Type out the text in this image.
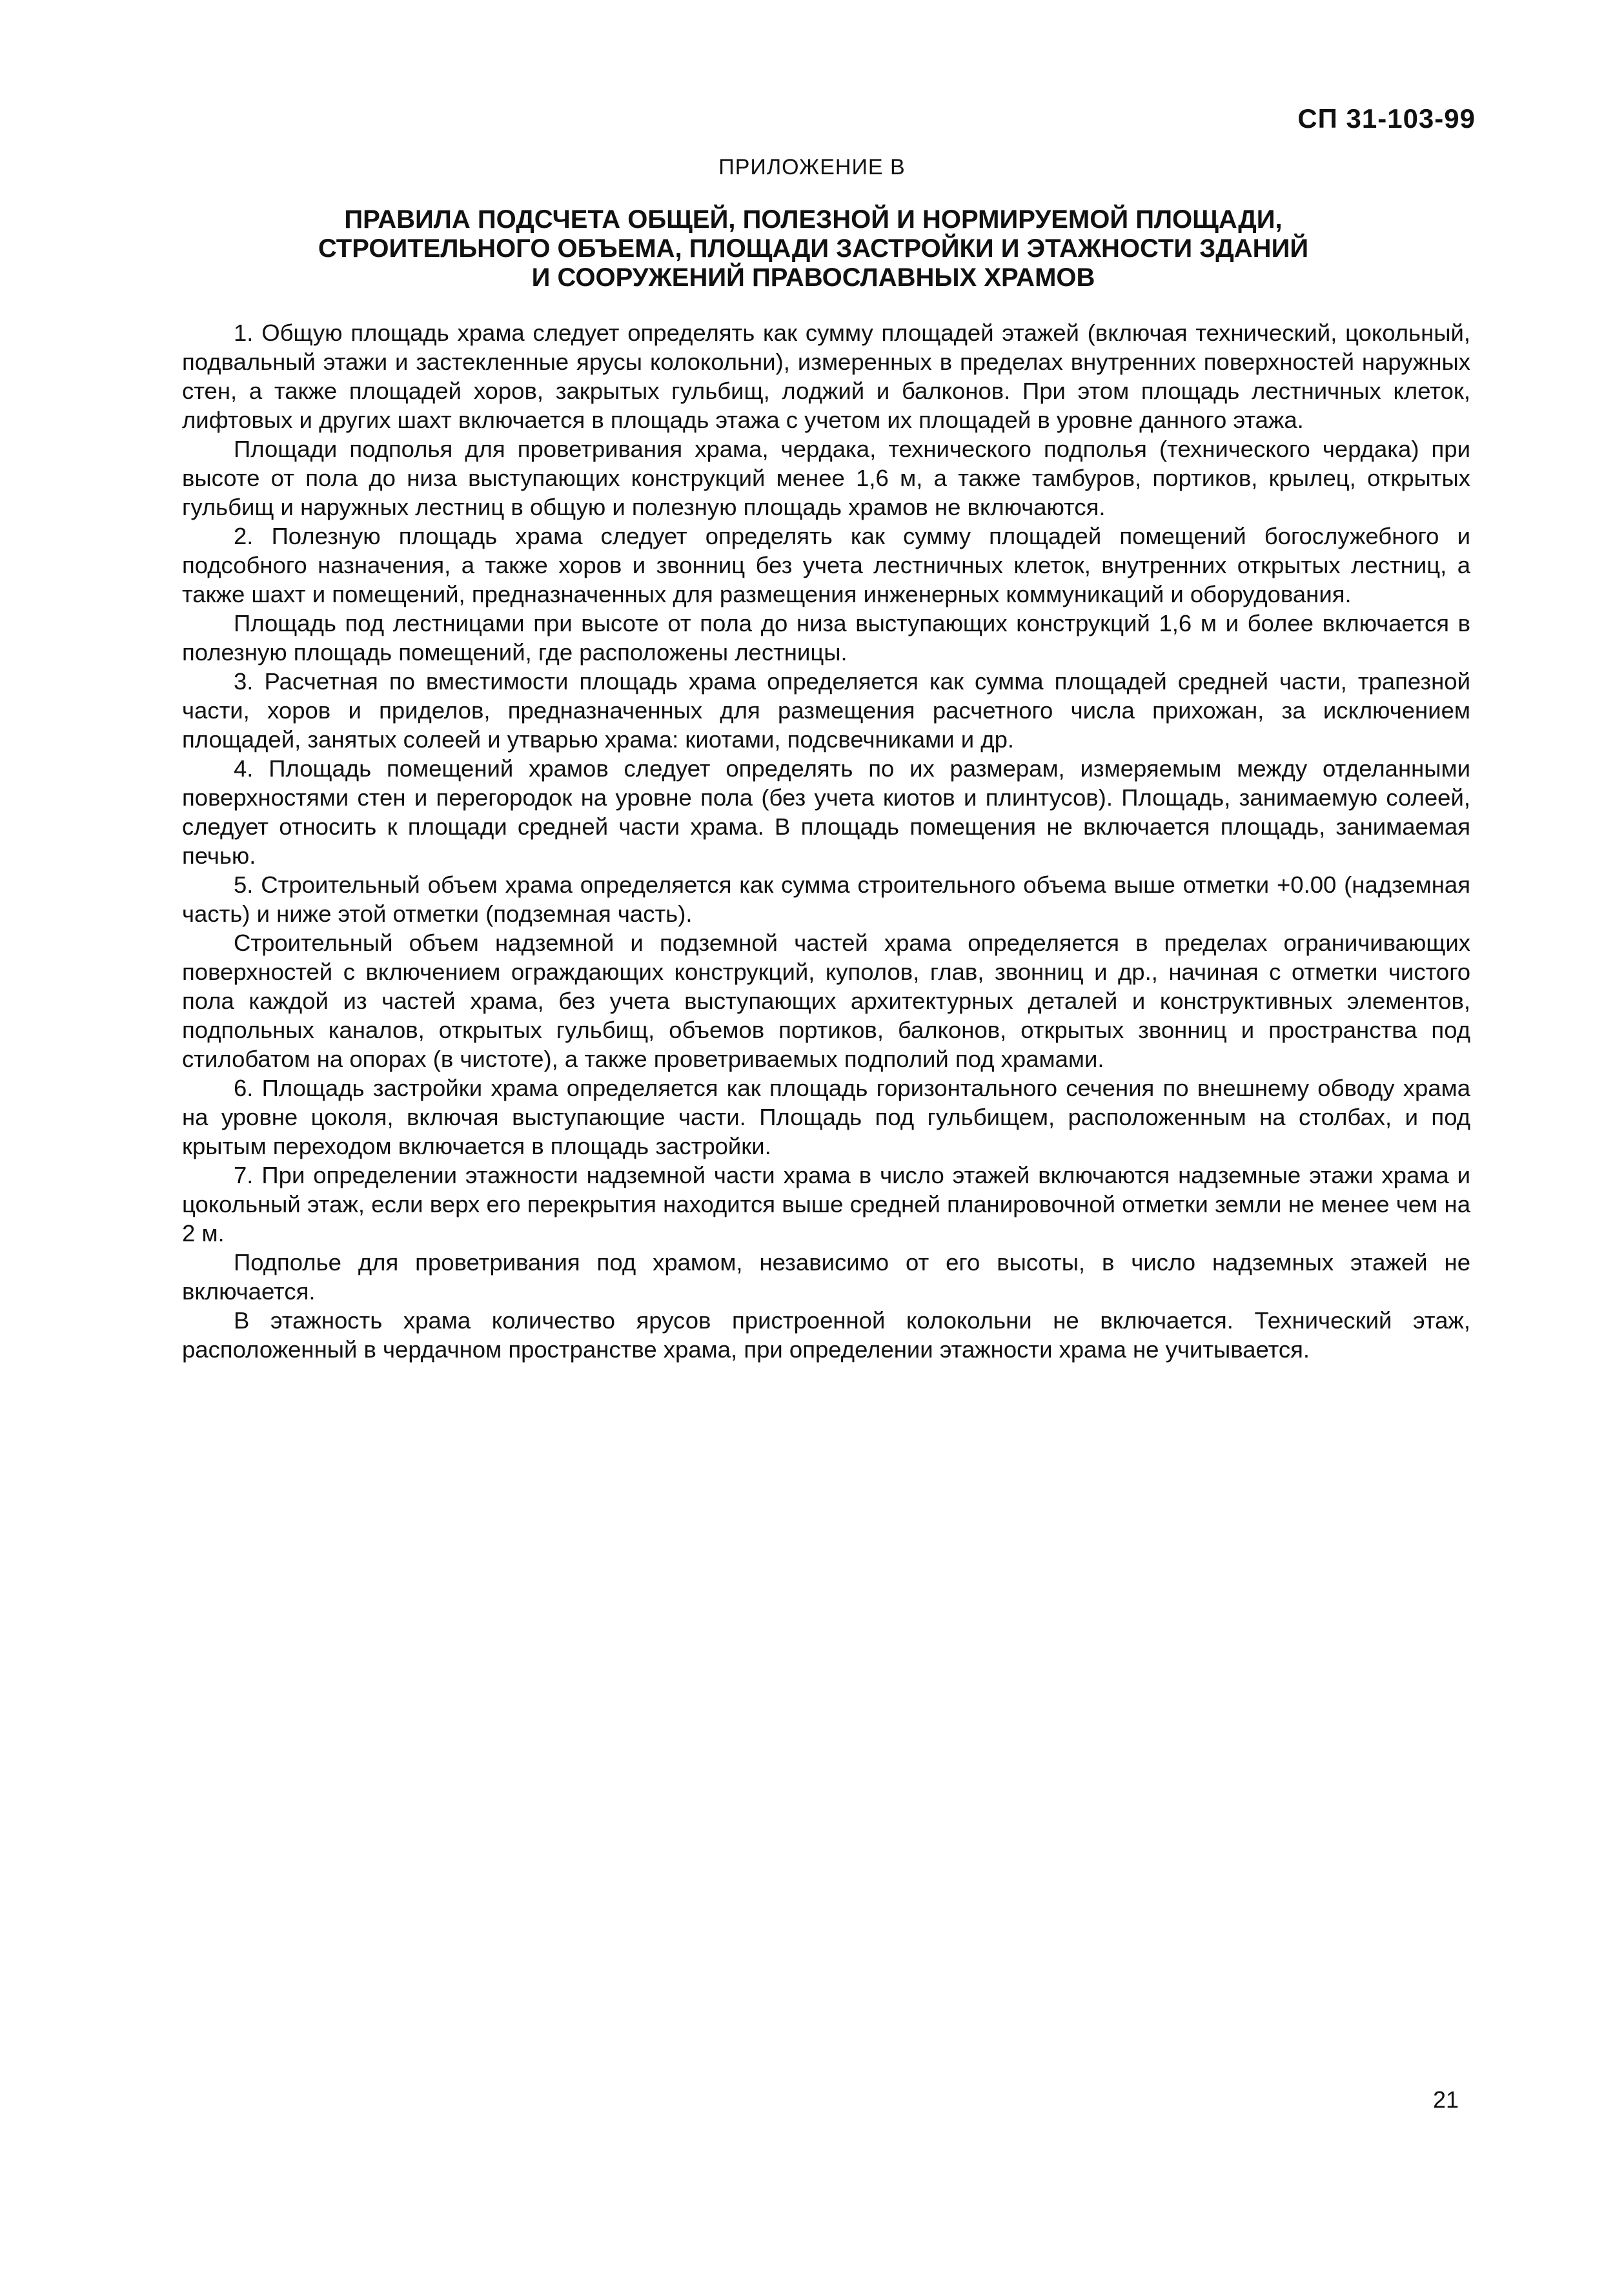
СП 31-103-99
ПРИЛОЖЕНИЕ В
ПРАВИЛА ПОДСЧЕТА ОБЩЕЙ, ПОЛЕЗНОЙ И НОРМИРУЕМОЙ ПЛОЩАДИ,
СТРОИТЕЛЬНОГО ОБЪЕМА, ПЛОЩАДИ ЗАСТРОЙКИ И ЭТАЖНОСТИ ЗДАНИЙ
И СООРУЖЕНИЙ ПРАВОСЛАВНЫХ ХРАМОВ

1. Общую площадь храма следует определять как сумму площадей этажей (включая технический, цокольный, подвальный этажи и застекленные ярусы колокольни), измеренных в пределах внутренних поверхностей наружных стен, а также площадей хоров, закрытых гульбищ, лоджий и балконов. При этом площадь лестничных клеток, лифтовых и других шахт включается в площадь этажа с учетом их площадей в уровне данного этажа.

Площади подполья для проветривания храма, чердака, технического подполья (технического чердака) при высоте от пола до низа выступающих конструкций менее 1,6 м, а также тамбуров, портиков, крылец, открытых гульбищ и наружных лестниц в общую и полезную площадь храмов не включаются.

2. Полезную площадь храма следует определять как сумму площадей помещений богослужебного и подсобного назначения, а также хоров и звонниц без учета лестничных клеток, внутренних открытых лестниц, а также шахт и помещений, предназначенных для размещения инженерных коммуникаций и оборудования.

Площадь под лестницами при высоте от пола до низа выступающих конструкций 1,6 м и более включается в полезную площадь помещений, где расположены лестницы.

3. Расчетная по вместимости площадь храма определяется как сумма площадей средней части, трапезной части, хоров и приделов, предназначенных для размещения расчетного числа прихожан, за исключением площадей, занятых солеей и утварью храма: киотами, подсвечниками и др.

4. Площадь помещений храмов следует определять по их размерам, измеряемым между отделанными поверхностями стен и перегородок на уровне пола (без учета киотов и плинтусов). Площадь, занимаемую солеей, следует относить к площади средней части храма. В площадь помещения не включается площадь, занимаемая печью.

5. Строительный объем храма определяется как сумма строительного объема выше отметки +0.00 (надземная часть) и ниже этой отметки (подземная часть).

Строительный объем надземной и подземной частей храма определяется в пределах ограничивающих поверхностей с включением ограждающих конструкций, куполов, глав, звонниц и др., начиная с отметки чистого пола каждой из частей храма, без учета выступающих архитектурных деталей и конструктивных элементов, подпольных каналов, открытых гульбищ, объемов портиков, балконов, открытых звонниц и пространства под стилобатом на опорах (в чистоте), а также проветриваемых подполий под храмами.

6. Площадь застройки храма определяется как площадь горизонтального сечения по внешнему обводу храма на уровне цоколя, включая выступающие части. Площадь под гульбищем, расположенным на столбах, и под крытым переходом включается в площадь застройки.

7. При определении этажности надземной части храма в число этажей включаются надземные этажи храма и цокольный этаж, если верх его перекрытия находится выше средней планировочной отметки земли не менее чем на 2 м.

Подполье для проветривания под храмом, независимо от его высоты, в число надземных этажей не включается.

В этажность храма количество ярусов пристроенной колокольни не включается. Технический этаж, расположенный в чердачном пространстве храма, при определении этажности храма не учитывается.

21
